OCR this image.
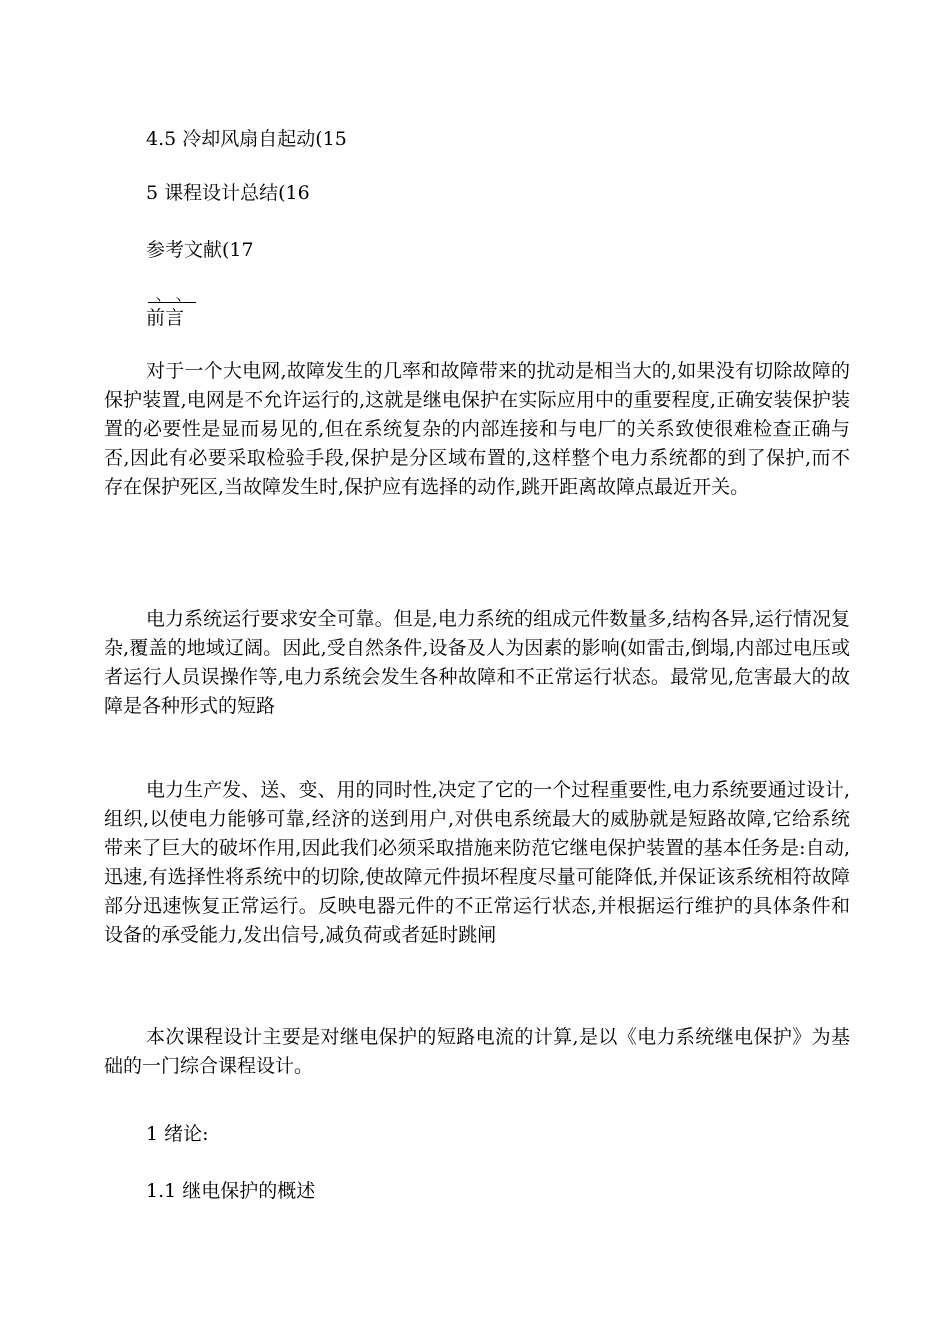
4.5 冷却风扇自起动(15
5 课程设计总结(16
参考文献(17
丶 丶
前言

对于一个大电网,故障发生的几率和故障带来的扰动是相当大的,如果没有切除故障的保护装置,电网是不允许运行的,这就是继电保护在实际应用中的重要程度,正确安装保护装置的必要性是显而易见的,但在系统复杂的内部连接和与电厂的关系致使很难检查正确与否,因此有必要采取检验手段,保护是分区域布置的,这样整个电力系统都的到了保护,而不存在保护死区,当故障发生时,保护应有选择的动作,跳开距离故障点最近开关。

电力系统运行要求安全可靠。但是,电力系统的组成元件数量多,结构各异,运行情况复杂,覆盖的地域辽阔。因此,受自然条件,设备及人为因素的影响(如雷击,倒塌,内部过电压或者运行人员误操作等,电力系统会发生各种故障和不正常运行状态。最常见,危害最大的故障是各种形式的短路

电力生产发、送、变、用的同时性,决定了它的一个过程重要性,电力系统要通过设计,组织,以使电力能够可靠,经济的送到用户,对供电系统最大的威胁就是短路故障,它给系统带来了巨大的破坏作用,因此我们必须采取措施来防范它继电保护装置的基本任务是:自动,迅速,有选择性将系统中的切除,使故障元件损坏程度尽量可能降低,并保证该系统相符故障部分迅速恢复正常运行。反映电器元件的不正常运行状态,并根据运行维护的具体条件和设备的承受能力,发出信号,减负荷或者延时跳闸

本次课程设计主要是对继电保护的短路电流的计算,是以《电力系统继电保护》为基础的一门综合课程设计。

1 绪论:
1.1 继电保护的概述
